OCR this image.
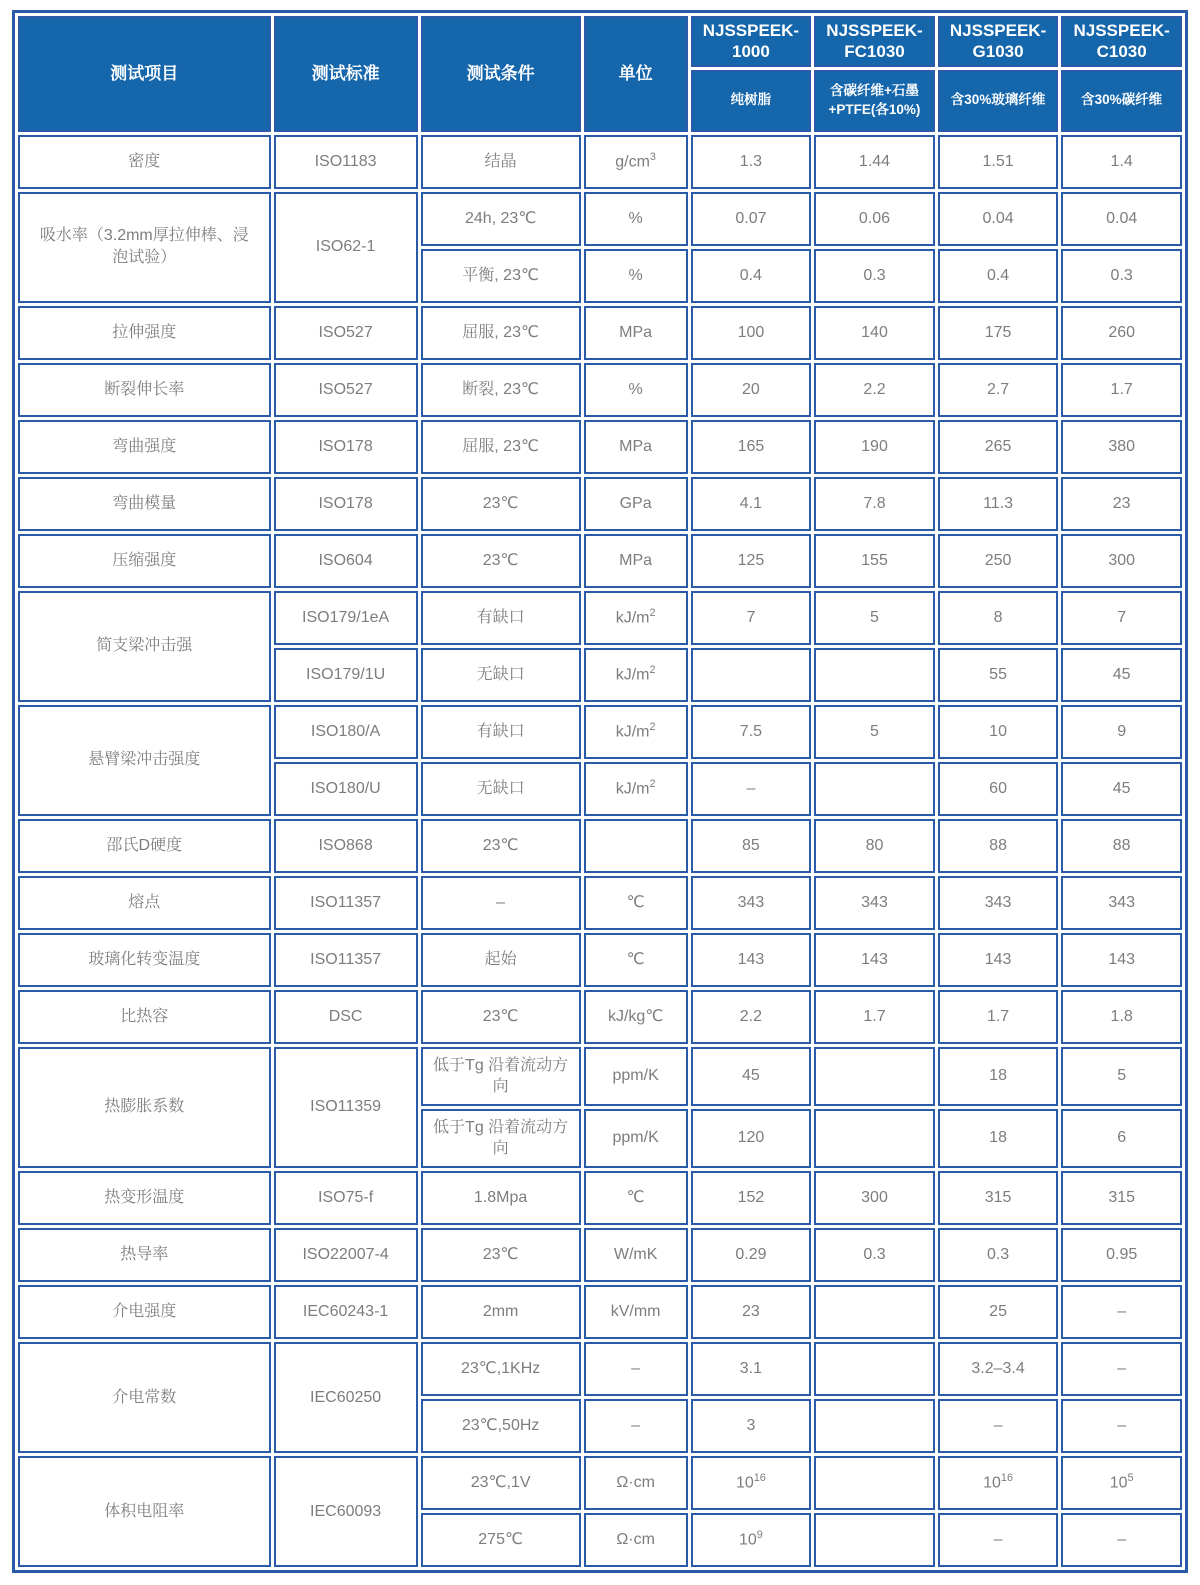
测试项目	测试标准	测试条件	单位	NJSSPEEK-1000	NJSSPEEK-FC1030	NJSSPEEK-G1030	NJSSPEEK-C1030
				纯树脂	含碳纤维+石墨+PTFE(各10%)	含30%玻璃纤维	含30%碳纤维
密度	ISO1183	结晶	$g/cm^3$	1.3	1.44	1.51	1.4
吸水率（3.2mm厚拉伸棒、浸泡试验）	ISO62-1	24h, 23℃	%	0.07	0.06	0.04	0.04
		平衡, 23℃	%	0.4	0.3	0.4	0.3
拉伸强度	ISO527	屈服, 23℃	MPa	100	140	175	260
断裂伸长率	ISO527	断裂, 23℃	%	20	2.2	2.7	1.7
弯曲强度	ISO178	屈服, 23℃	MPa	165	190	265	380
弯曲模量	ISO178	23℃	GPa	4.1	7.8	11.3	23
压缩强度	ISO604	23℃	MPa	125	155	250	300
简支梁冲击强	ISO179/1eA	有缺口	$kJ/m^2$	7	5	8	7
	ISO179/1U	无缺口	$kJ/m^2$			55	45
悬臂梁冲击强度	ISO180/A	有缺口	$kJ/m^2$	7.5	5	10	9
	ISO180/U	无缺口	$kJ/m^2$	–		60	45
邵氏D硬度	ISO868	23℃		85	80	88	88
熔点	ISO11357	–	℃	343	343	343	343
玻璃化转变温度	ISO11357	起始	℃	143	143	143	143
比热容	DSC	23℃	kJ/kg℃	2.2	1.7	1.7	1.8
热膨胀系数	ISO11359	低于Tg 沿着流动方向	ppm/K	45		18	5
		低于Tg 沿着流动方向	ppm/K	120		18	6
热变形温度	ISO75-f	1.8Mpa	℃	152	300	315	315
热导率	ISO22007-4	23℃	W/mK	0.29	0.3	0.3	0.95
介电强度	IEC60243-1	2mm	kV/mm	23		25	–
介电常数	IEC60250	23℃,1KHz	–	3.1		3.2–3.4	–
		23℃,50Hz	–	3		–	–
体积电阻率	IEC60093	23℃,1V	Ω·cm	$10^{16}$		$10^{16}$	$10^5$
		275℃	Ω·cm	$10^9$		–	–
